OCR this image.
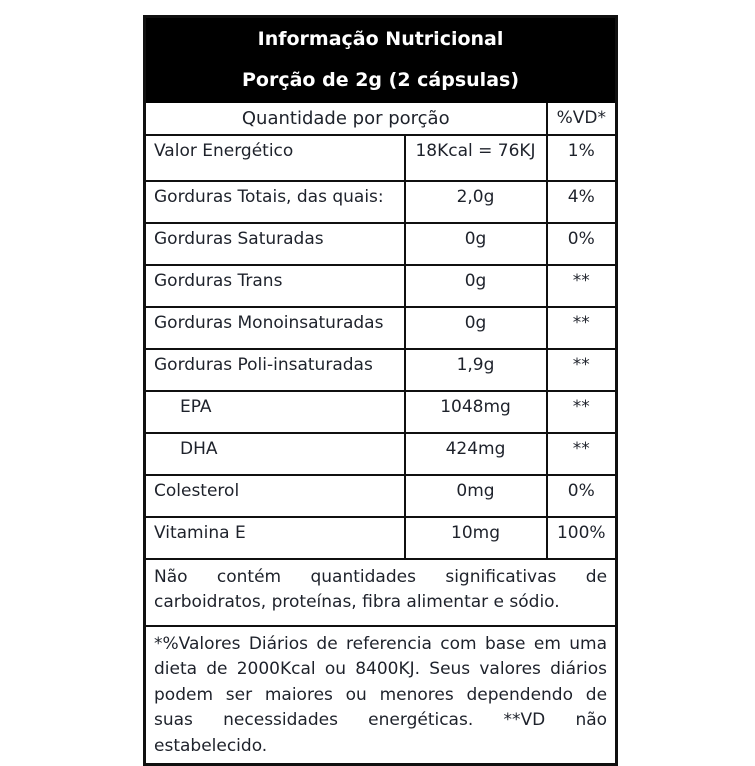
Informação Nutricional
Porção de 2g (2 cápsulas)		

Quantidade por porção		%VD*
Valor Energético	18Kcal = 76KJ	1%
Gorduras Totais, das quais:	2,0g	4%
Gorduras Saturadas	0g	0%
Gorduras Trans	0g	**
Gorduras Monoinsaturadas	0g	**
Gorduras Poli-insaturadas	1,9g	**
EPA	1048mg	**
DHA	424mg	**
Colesterol	0mg	0%
Vitamina E	10mg	100%
Não contém quantidades significativas de carboidratos, proteínas, fibra alimentar e sódio.		
*%Valores Diários de referencia com base em uma dieta de 2000Kcal ou 8400KJ. Seus valores diários podem ser maiores ou menores dependendo de suas necessidades energéticas. **VD não estabelecido.		
